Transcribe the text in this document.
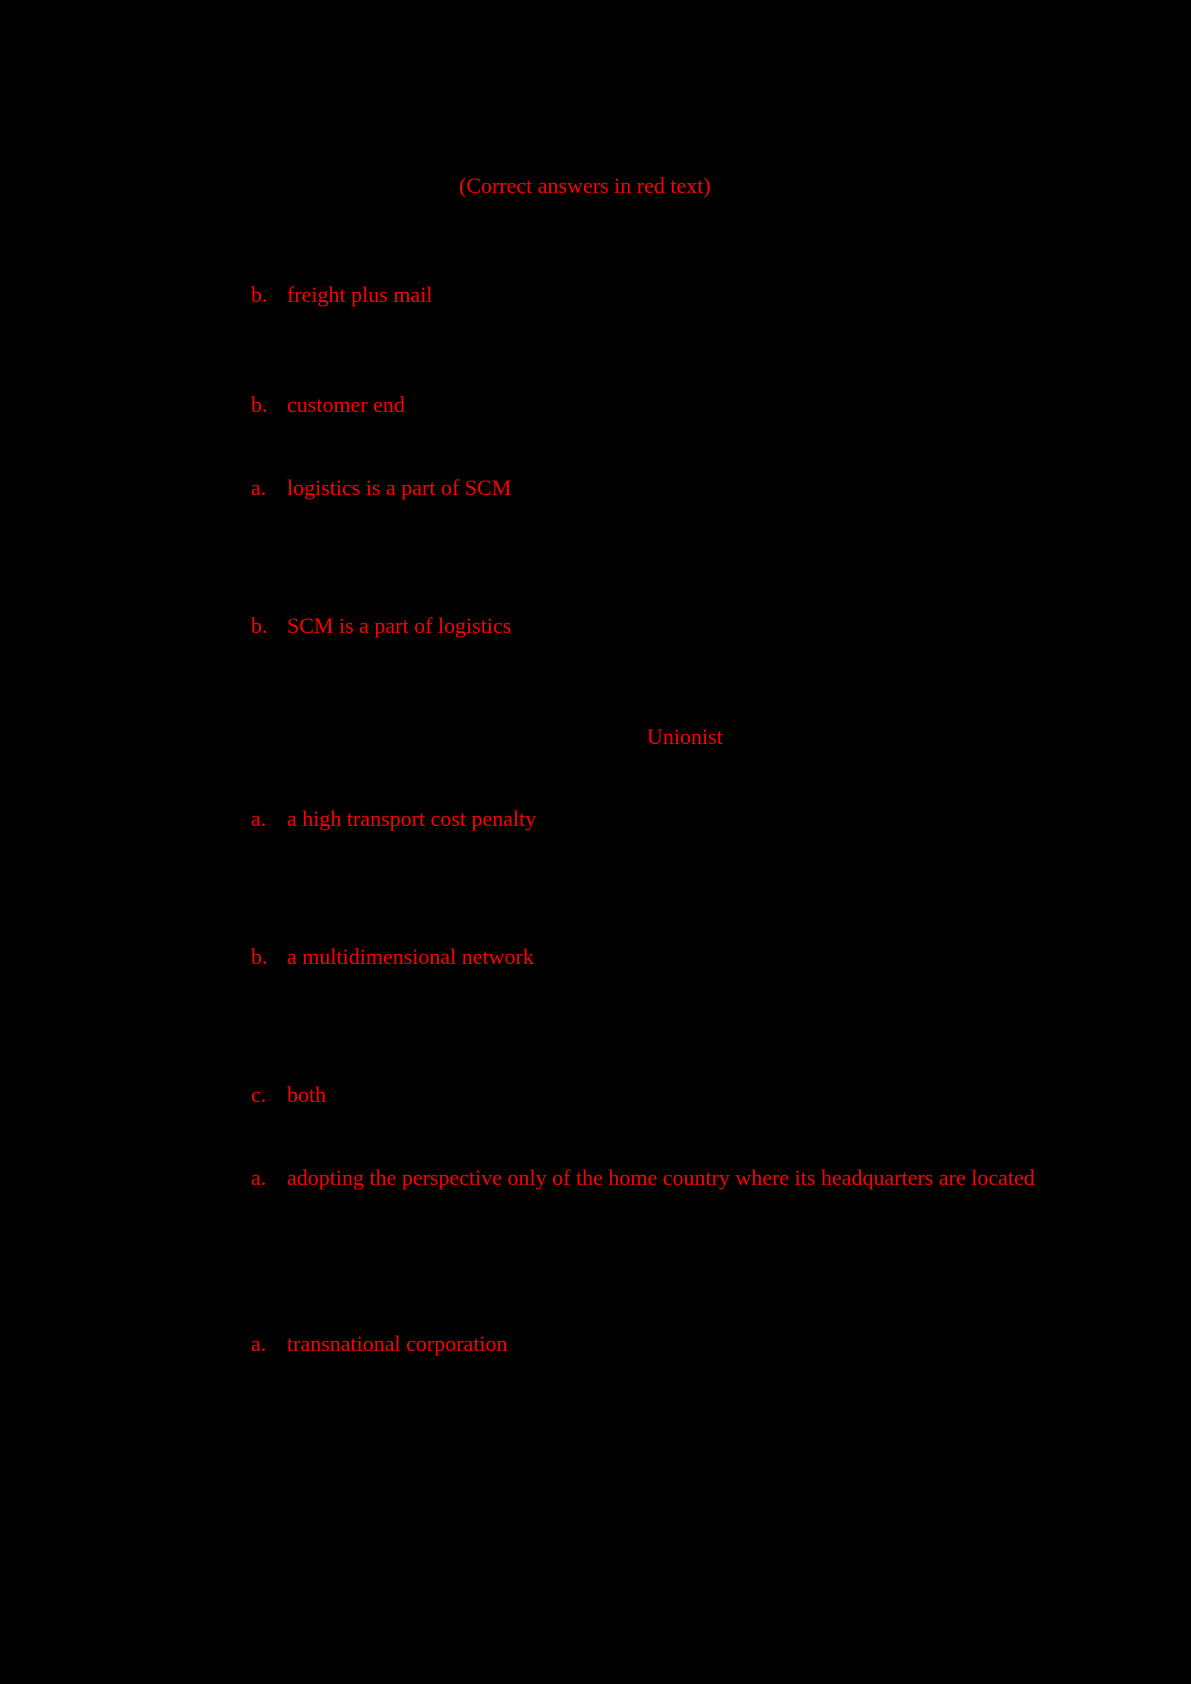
(Correct answers in red text)
b. freight plus mail
b. customer end
a. logistics is a part of SCM
b. SCM is a part of logistics
Unionist
a. a high transport cost penalty
b. a multidimensional network
c. both
a. adopting the perspective only of the home country where its headquarters are located
a. transnational corporation
